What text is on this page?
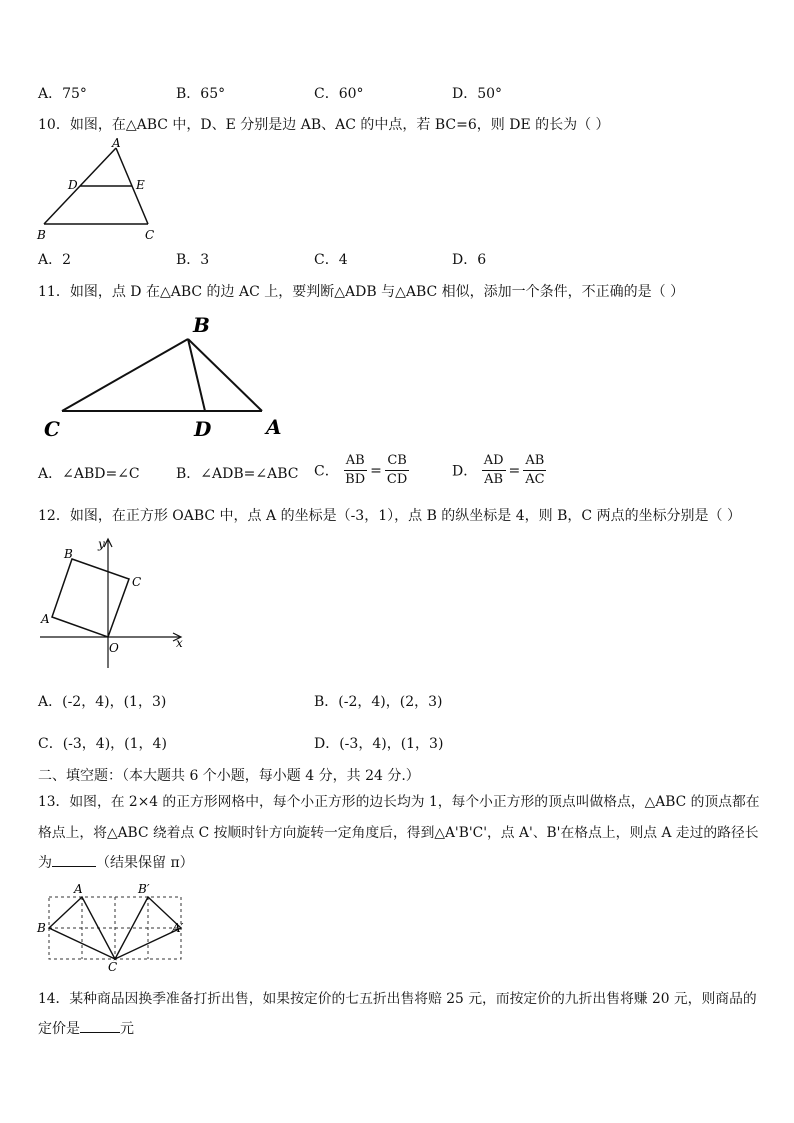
A．75°	B．65°	C．60°	D．50°
10．如图，在△ABC 中，D、E 分别是边 AB、AC 的中点，若 BC=6，则 DE 的长为（ ）
A
D	E
B	C
A．2	B．3	C．4	D．6
11．如图，点 D 在△ABC 的边 AC 上，要判断△ADB 与△ABC 相似，添加一个条件，不正确的是（ ）
B
C	D	A
A．∠ABD=∠C	B．∠ADB=∠ABC C． $\frac{AB}{BD} = \frac{CB}{CD}$	D． $\frac{AD}{AB} = \frac{AB}{AC}$
12．如图，在正方形 OABC 中，点 A 的坐标是（-3，1），点 B 的纵坐标是 4，则 B，C 两点的坐标分别是（ ）
y
B
C
A
O	x
A．(-2，4)，(1，3)	B．(-2，4)，(2，3)
C．(-3，4)，(1，4)	D．(-3，4)，(1，3)
二、填空题：（本大题共 6 个小题，每小题 4 分，共 24 分.）
13．如图，在 2×4 的正方形网格中，每个小正方形的边长均为 1，每个小正方形的顶点叫做格点，△ABC 的顶点都在
格点上，将△ABC 绕着点 C 按顺时针方向旋转一定角度后，得到△A'B'C'，点 A'、B'在格点上，则点 A 走过的路径长
为	（结果保留 π）
A	B′
B	A′
C
14．某种商品因换季准备打折出售，如果按定价的七五折出售将赔 25 元，而按定价的九折出售将赚 20 元，则商品的
定价是	元
